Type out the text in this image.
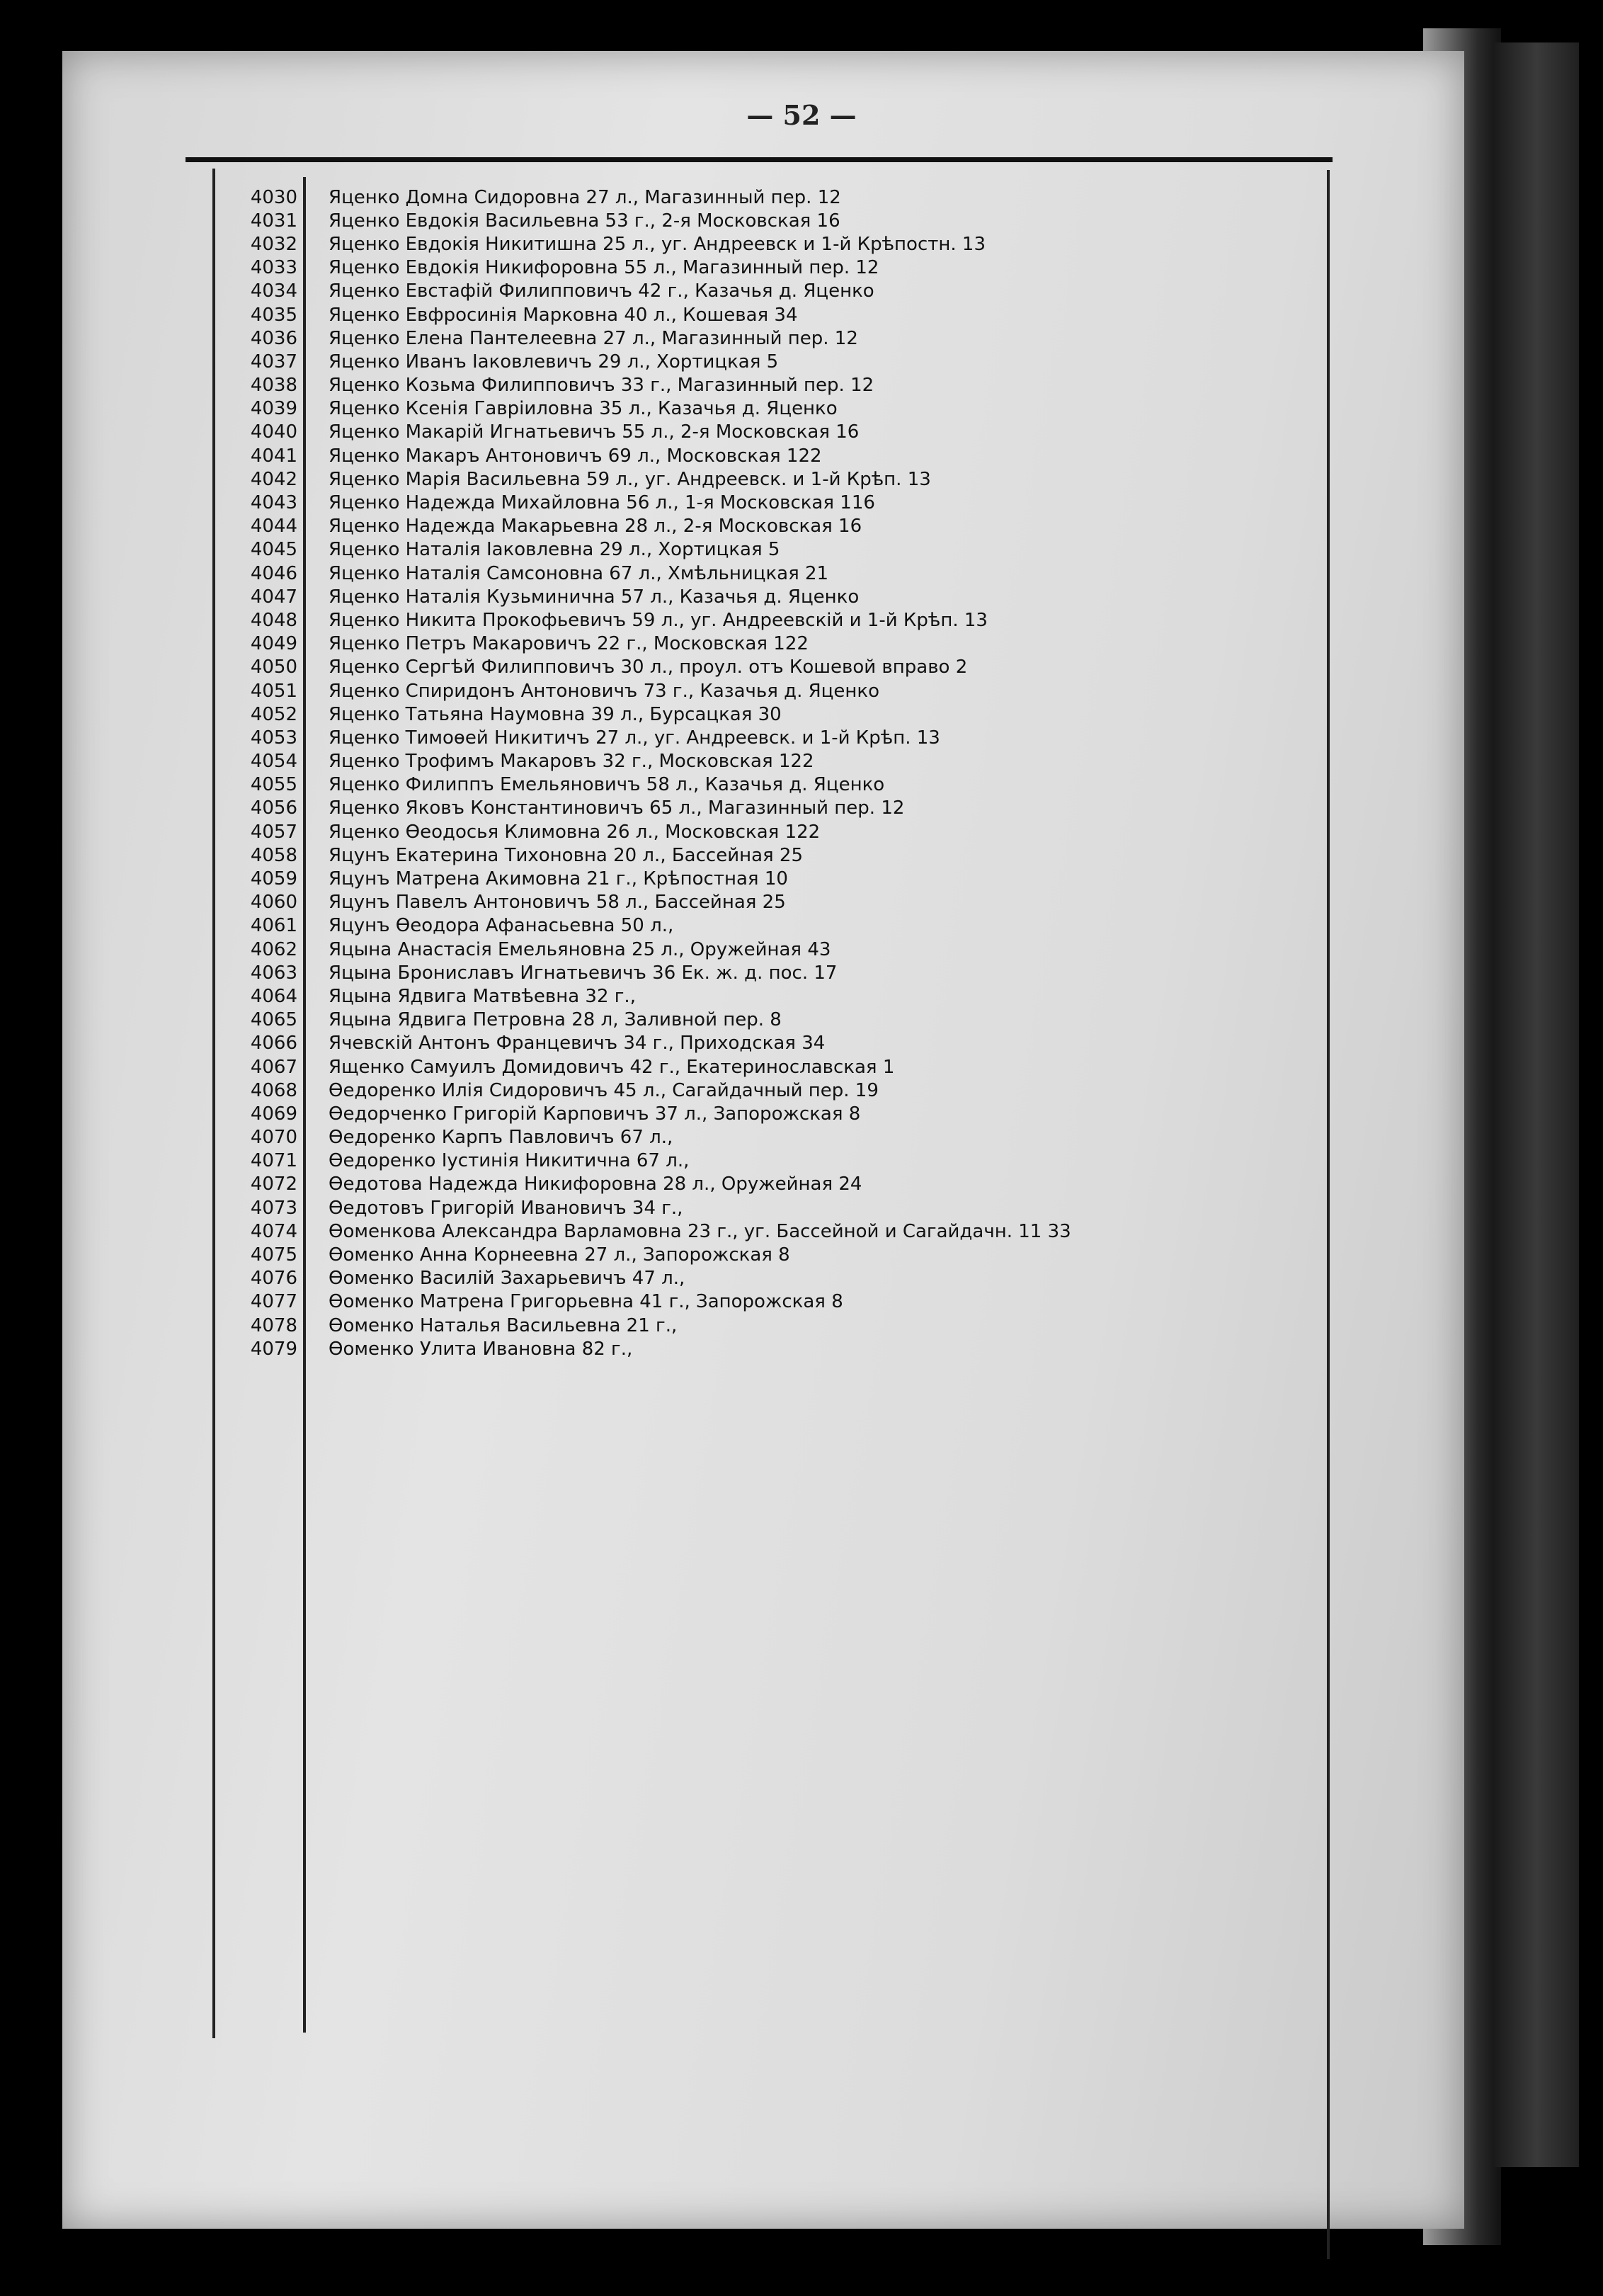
— 52 —
4030	Яценко Домна Сидоровна 27 л., Магазинный пер. 12
4031	Яценко Евдокія Васильевна 53 г., 2-я Московская 16
4032	Яценко Евдокія Никитишна 25 л., уг. Андреевск и 1-й Крѣпостн. 13
4033	Яценко Евдокія Никифоровна 55 л., Магазинный пер. 12
4034	Яценко Евстафій Филипповичъ 42 г., Казачья д. Яценко
4035	Яценко Евфросинія Марковна 40 л., Кошевая 34
4036	Яценко Елена Пантелеевна 27 л., Магазинный пер. 12
4037	Яценко Иванъ Іаковлевичъ 29 л., Хортицкая 5
4038	Яценко Козьма Филипповичъ 33 г., Магазинный пер. 12
4039	Яценко Ксенія Гавріиловна 35 л., Казачья д. Яценко
4040	Яценко Макарій Игнатьевичъ 55 л., 2-я Московская 16
4041	Яценко Макаръ Антоновичъ 69 л., Московская 122
4042	Яценко Марія Васильевна 59 л., уг. Андреевск. и 1-й Крѣп. 13
4043	Яценко Надежда Михайловна 56 л., 1-я Московская 116
4044	Яценко Надежда Макарьевна 28 л., 2-я Московская 16
4045	Яценко Наталія Іаковлевна 29 л., Хортицкая 5
4046	Яценко Наталія Самсоновна 67 л., Хмѣльницкая 21
4047	Яценко Наталія Кузьминична 57 л., Казачья д. Яценко
4048	Яценко Никита Прокофьевичъ 59 л., уг. Андреевскій и 1-й Крѣп. 13
4049	Яценко Петръ Макаровичъ 22 г., Московская 122
4050	Яценко Сергѣй Филипповичъ 30 л., проул. отъ Кошевой вправо 2
4051	Яценко Спиридонъ Антоновичъ 73 г., Казачья д. Яценко
4052	Яценко Татьяна Наумовна 39 л., Бурсацкая 30
4053	Яценко Тимоѳей Никитичъ 27 л., уг. Андреевск. и 1-й Крѣп. 13
4054	Яценко Трофимъ Макаровъ 32 г., Московская 122
4055	Яценко Филиппъ Емельяновичъ 58 л., Казачья д. Яценко
4056	Яценко Яковъ Константиновичъ 65 л., Магазинный пер. 12
4057	Яценко Ѳеодосья Климовна 26 л., Московская 122
4058	Яцунъ Екатерина Тихоновна 20 л., Бассейная 25
4059	Яцунъ Матрена Акимовна 21 г., Крѣпостная 10
4060	Яцунъ Павелъ Антоновичъ 58 л., Бассейная 25
4061	Яцунъ Ѳеодора Афанасьевна 50 л.,
4062	Яцына Анастасія Емельяновна 25 л., Оружейная 43
4063	Яцына Брониславъ Игнатьевичъ 36 Ек. ж. д. пос. 17
4064	Яцына Ядвига Матвѣевна 32 г.,
4065	Яцына Ядвига Петровна 28 л, Заливной пер. 8
4066	Ячевскій Антонъ Францевичъ 34 г., Приходская 34
4067	Ященко Самуилъ Домидовичъ 42 г., Екатеринославская 1
4068	Ѳедоренко Илія Сидоровичъ 45 л., Сагайдачный пер. 19
4069	Ѳедорченко Григорій Карповичъ 37 л., Запорожская 8
4070	Ѳедоренко Карпъ Павловичъ 67 л.,
4071	Ѳедоренко Іустинія Никитична 67 л.,
4072	Ѳедотова Надежда Никифоровна 28 л., Оружейная 24
4073	Ѳедотовъ Григорій Ивановичъ 34 г.,
4074	Ѳоменкова Александра Варламовна 23 г., уг. Бассейной и Сагайдачн. 11 33
4075	Ѳоменко Анна Корнеевна 27 л., Запорожская 8
4076	Ѳоменко Василій Захарьевичъ 47 л.,
4077	Ѳоменко Матрена Григорьевна 41 г., Запорожская 8
4078	Ѳоменко Наталья Васильевна 21 г.,
4079	Ѳоменко Улита Ивановна 82 г.,
